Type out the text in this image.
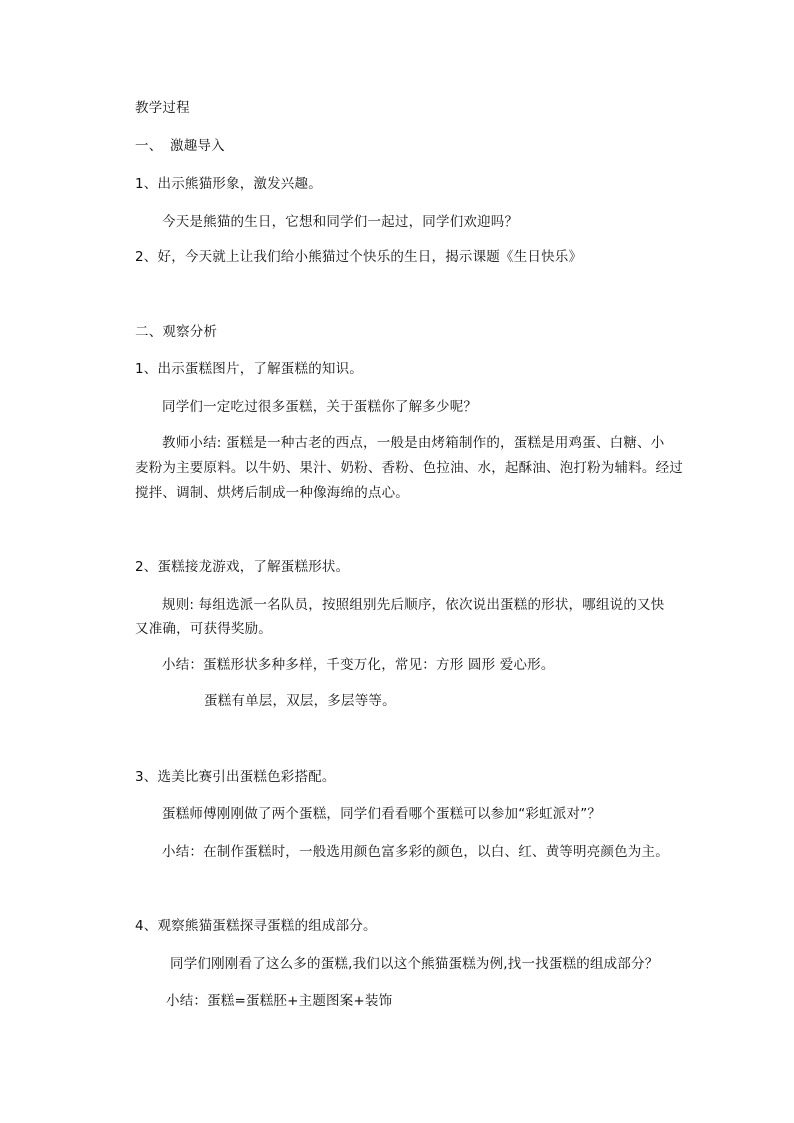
教学过程
一、 激趣导入
1、出示熊猫形象，激发兴趣。
今天是熊猫的生日，它想和同学们一起过，同学们欢迎吗？
2、好，今天就上让我们给小熊猫过个快乐的生日，揭示课题《生日快乐》
二、观察分析
1、出示蛋糕图片，了解蛋糕的知识。
同学们一定吃过很多蛋糕，关于蛋糕你了解多少呢？
教师小结: 蛋糕是一种古老的西点，一般是由烤箱制作的，蛋糕是用鸡蛋、白糖、小
麦粉为主要原料。以牛奶、果汁、奶粉、香粉、色拉油、水，起酥油、泡打粉为辅料。经过
搅拌、调制、烘烤后制成一种像海绵的点心。
2、蛋糕接龙游戏，了解蛋糕形状。
规则: 每组选派一名队员，按照组别先后顺序，依次说出蛋糕的形状，哪组说的又快
又准确，可获得奖励。
小结：蛋糕形状多种多样，千变万化，常见：方形 圆形 爱心形。
蛋糕有单层，双层，多层等等。
3、选美比赛引出蛋糕色彩搭配。
蛋糕师傅刚刚做了两个蛋糕，同学们看看哪个蛋糕可以参加“彩虹派对”？
小结：在制作蛋糕时，一般选用颜色富多彩的颜色，以白、红、黄等明亮颜色为主。
4、观察熊猫蛋糕探寻蛋糕的组成部分。
同学们刚刚看了这么多的蛋糕,我们以这个熊猫蛋糕为例,找一找蛋糕的组成部分？
小结：蛋糕=蛋糕胚+主题图案+装饰
